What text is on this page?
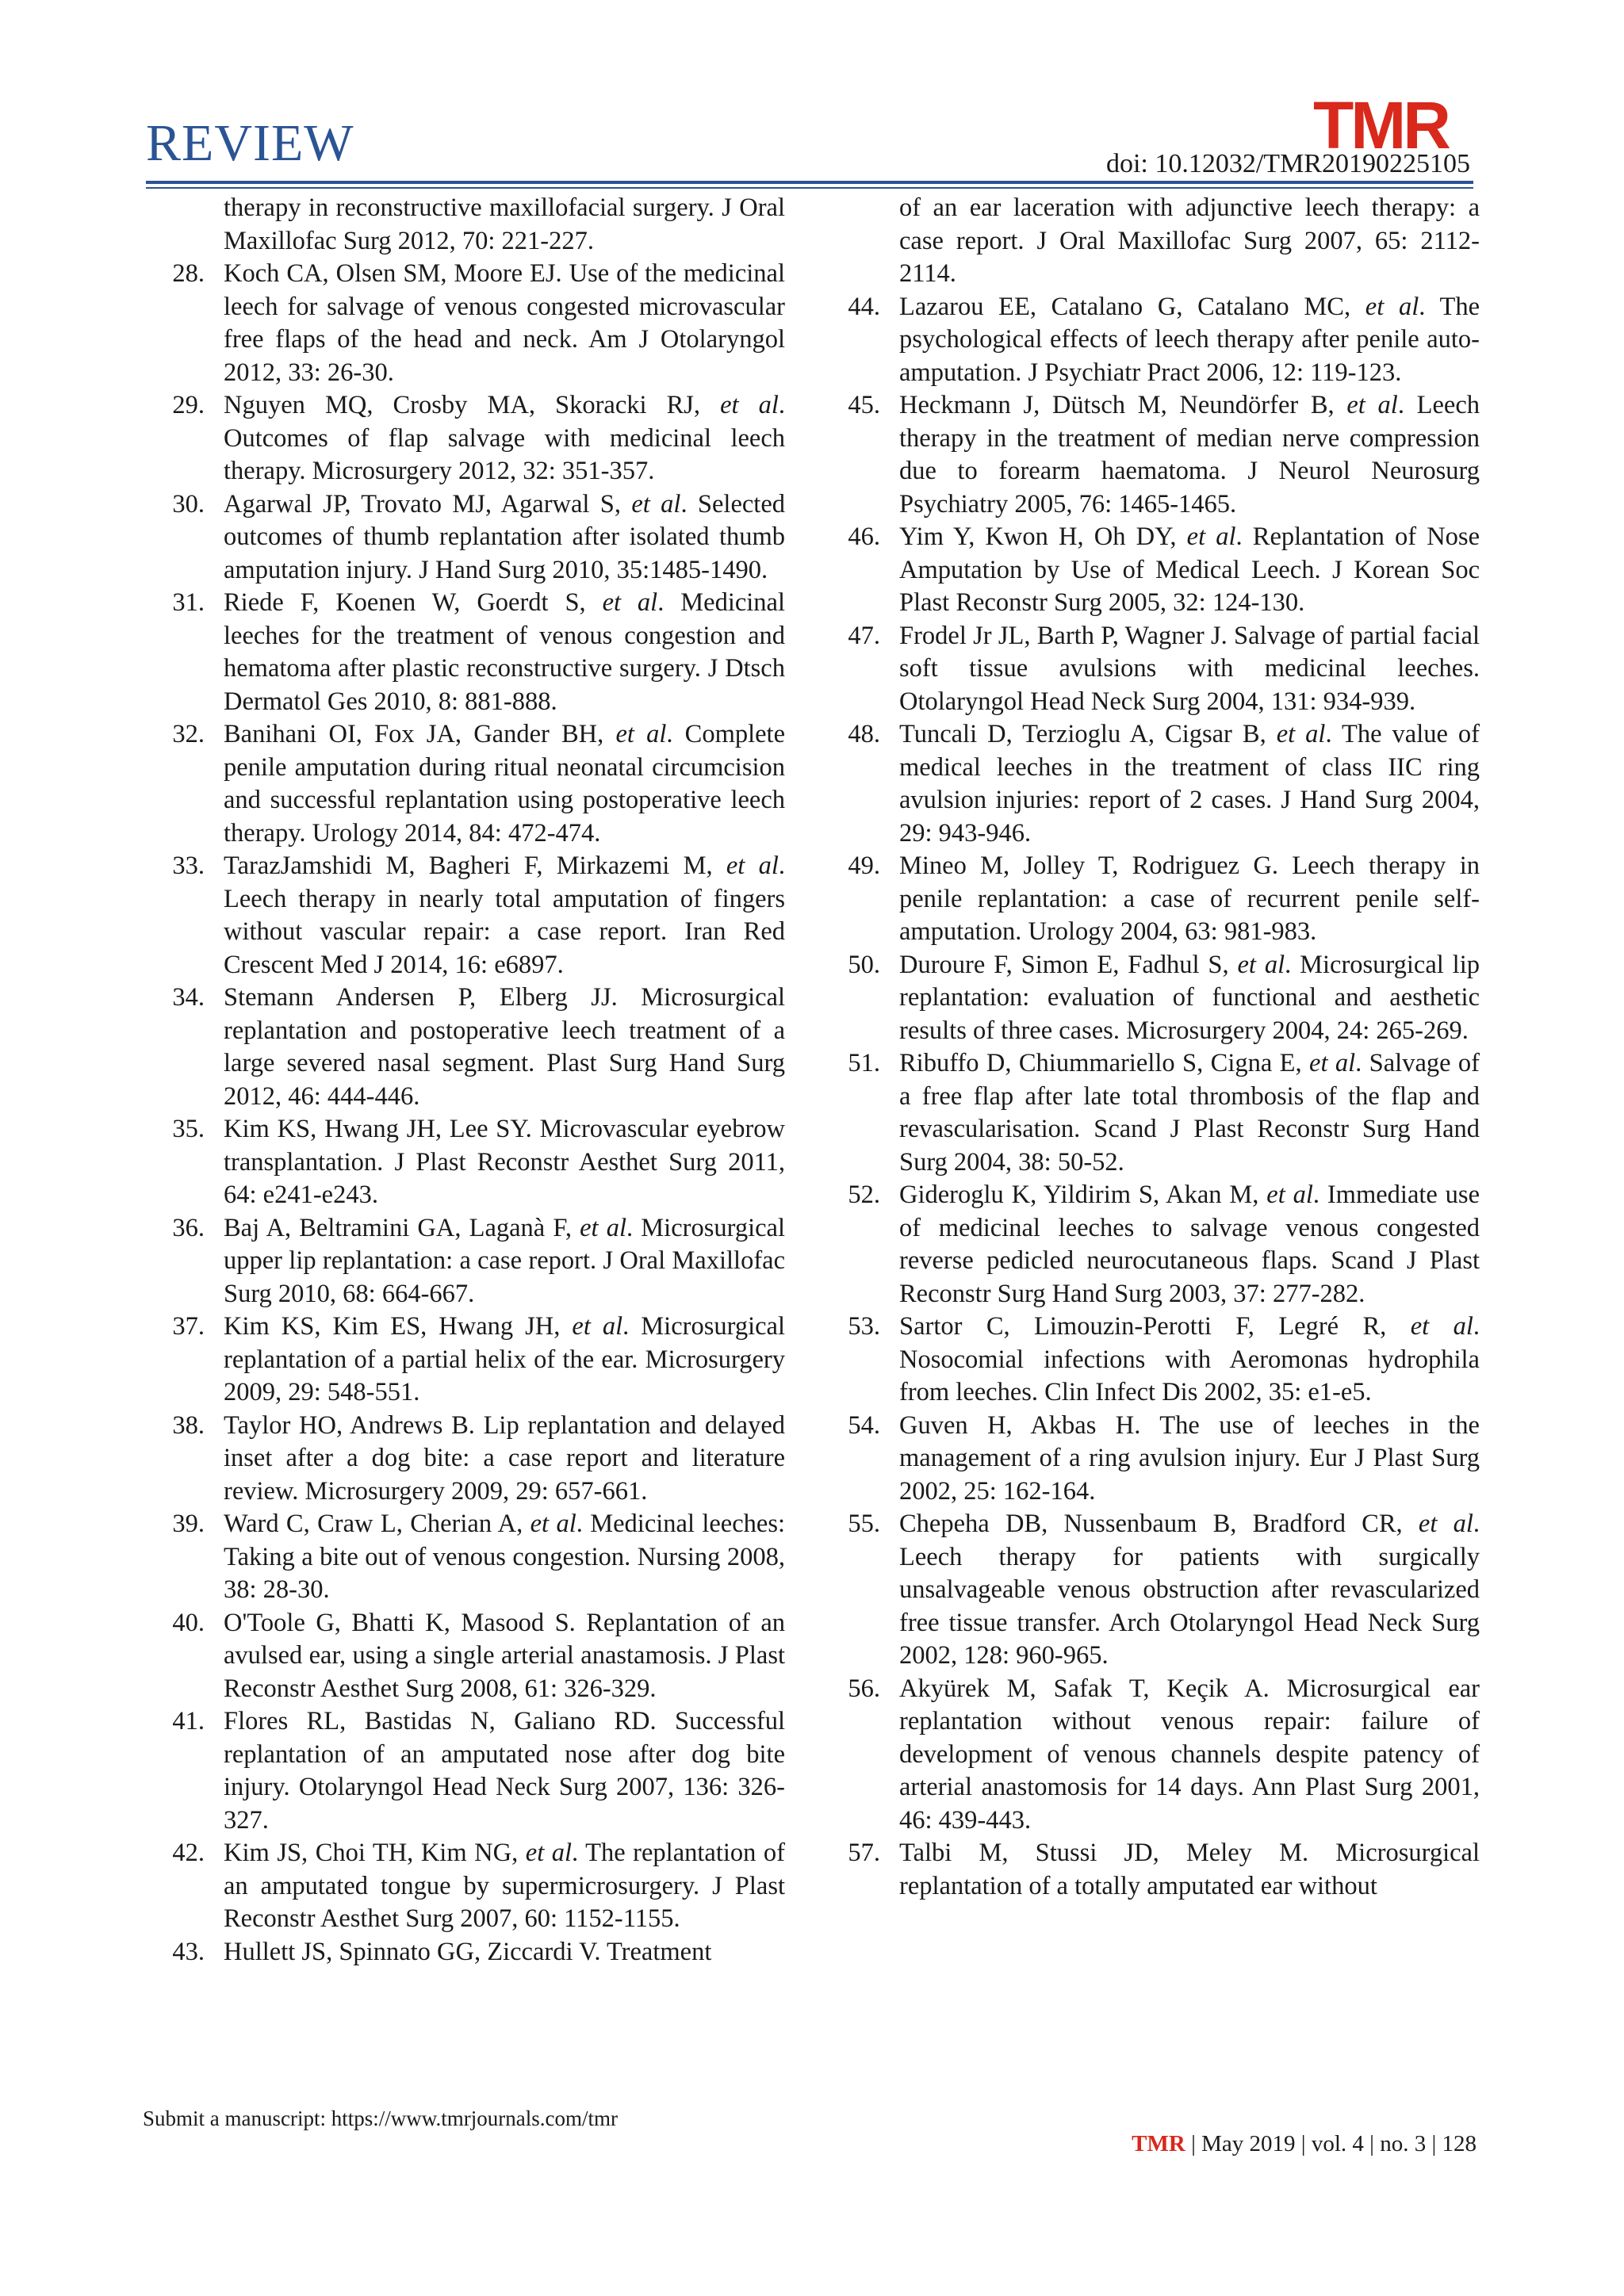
REVIEW	TMR
doi: 10.12032/TMR20190225105
therapy in reconstructive maxillofacial surgery. J Oral Maxillofac Surg 2012, 70: 221-227.
28. Koch CA, Olsen SM, Moore EJ. Use of the medicinal leech for salvage of venous congested microvascular free flaps of the head and neck. Am J Otolaryngol 2012, 33: 26-30.
29. Nguyen MQ, Crosby MA, Skoracki RJ, et al. Outcomes of flap salvage with medicinal leech therapy. Microsurgery 2012, 32: 351-357.
30. Agarwal JP, Trovato MJ, Agarwal S, et al. Selected outcomes of thumb replantation after isolated thumb amputation injury. J Hand Surg 2010, 35:1485-1490.
31. Riede F, Koenen W, Goerdt S, et al. Medicinal leeches for the treatment of venous congestion and hematoma after plastic reconstructive surgery. J Dtsch Dermatol Ges 2010, 8: 881-888.
32. Banihani OI, Fox JA, Gander BH, et al. Complete penile amputation during ritual neonatal circumcision and successful replantation using postoperative leech therapy. Urology 2014, 84: 472-474.
33. TarazJamshidi M, Bagheri F, Mirkazemi M, et al. Leech therapy in nearly total amputation of fingers without vascular repair: a case report. Iran Red Crescent Med J 2014, 16: e6897.
34. Stemann Andersen P, Elberg JJ. Microsurgical replantation and postoperative leech treatment of a large severed nasal segment. Plast Surg Hand Surg 2012, 46: 444-446.
35. Kim KS, Hwang JH, Lee SY. Microvascular eyebrow transplantation. J Plast Reconstr Aesthet Surg 2011, 64: e241-e243.
36. Baj A, Beltramini GA, Laganà F, et al. Microsurgical upper lip replantation: a case report. J Oral Maxillofac Surg 2010, 68: 664-667.
37. Kim KS, Kim ES, Hwang JH, et al. Microsurgical replantation of a partial helix of the ear. Microsurgery 2009, 29: 548-551.
38. Taylor HO, Andrews B. Lip replantation and delayed inset after a dog bite: a case report and literature review. Microsurgery 2009, 29: 657-661.
39. Ward C, Craw L, Cherian A, et al. Medicinal leeches: Taking a bite out of venous congestion. Nursing 2008, 38: 28-30.
40. O'Toole G, Bhatti K, Masood S. Replantation of an avulsed ear, using a single arterial anastamosis. J Plast Reconstr Aesthet Surg 2008, 61: 326-329.
41. Flores RL, Bastidas N, Galiano RD. Successful replantation of an amputated nose after dog bite injury. Otolaryngol Head Neck Surg 2007, 136: 326-327.
42. Kim JS, Choi TH, Kim NG, et al. The replantation of an amputated tongue by supermicrosurgery. J Plast Reconstr Aesthet Surg 2007, 60: 1152-1155.
43. Hullett JS, Spinnato GG, Ziccardi V. Treatment
of an ear laceration with adjunctive leech therapy: a case report. J Oral Maxillofac Surg 2007, 65: 2112-2114.
44. Lazarou EE, Catalano G, Catalano MC, et al. The psychological effects of leech therapy after penile auto-amputation. J Psychiatr Pract 2006, 12: 119-123.
45. Heckmann J, Dütsch M, Neundörfer B, et al. Leech therapy in the treatment of median nerve compression due to forearm haematoma. J Neurol Neurosurg Psychiatry 2005, 76: 1465-1465.
46. Yim Y, Kwon H, Oh DY, et al. Replantation of Nose Amputation by Use of Medical Leech. J Korean Soc Plast Reconstr Surg 2005, 32: 124-130.
47. Frodel Jr JL, Barth P, Wagner J. Salvage of partial facial soft tissue avulsions with medicinal leeches. Otolaryngol Head Neck Surg 2004, 131: 934-939.
48. Tuncali D, Terzioglu A, Cigsar B, et al. The value of medical leeches in the treatment of class IIC ring avulsion injuries: report of 2 cases. J Hand Surg 2004, 29: 943-946.
49. Mineo M, Jolley T, Rodriguez G. Leech therapy in penile replantation: a case of recurrent penile self-amputation. Urology 2004, 63: 981-983.
50. Duroure F, Simon E, Fadhul S, et al. Microsurgical lip replantation: evaluation of functional and aesthetic results of three cases. Microsurgery 2004, 24: 265-269.
51. Ribuffo D, Chiummariello S, Cigna E, et al. Salvage of a free flap after late total thrombosis of the flap and revascularisation. Scand J Plast Reconstr Surg Hand Surg 2004, 38: 50-52.
52. Gideroglu K, Yildirim S, Akan M, et al. Immediate use of medicinal leeches to salvage venous congested reverse pedicled neurocutaneous flaps. Scand J Plast Reconstr Surg Hand Surg 2003, 37: 277-282.
53. Sartor C, Limouzin-Perotti F, Legré R, et al. Nosocomial infections with Aeromonas hydrophila from leeches. Clin Infect Dis 2002, 35: e1-e5.
54. Guven H, Akbas H. The use of leeches in the management of a ring avulsion injury. Eur J Plast Surg 2002, 25: 162-164.
55. Chepeha DB, Nussenbaum B, Bradford CR, et al. Leech therapy for patients with surgically unsalvageable venous obstruction after revascularized free tissue transfer. Arch Otolaryngol Head Neck Surg 2002, 128: 960-965.
56. Akyürek M, Safak T, Keçik A. Microsurgical ear replantation without venous repair: failure of development of venous channels despite patency of arterial anastomosis for 14 days. Ann Plast Surg 2001, 46: 439-443.
57. Talbi M, Stussi JD, Meley M. Microsurgical replantation of a totally amputated ear without
Submit a manuscript: https://www.tmrjournals.com/tmr
TMR | May 2019 | vol. 4 | no. 3 | 128
